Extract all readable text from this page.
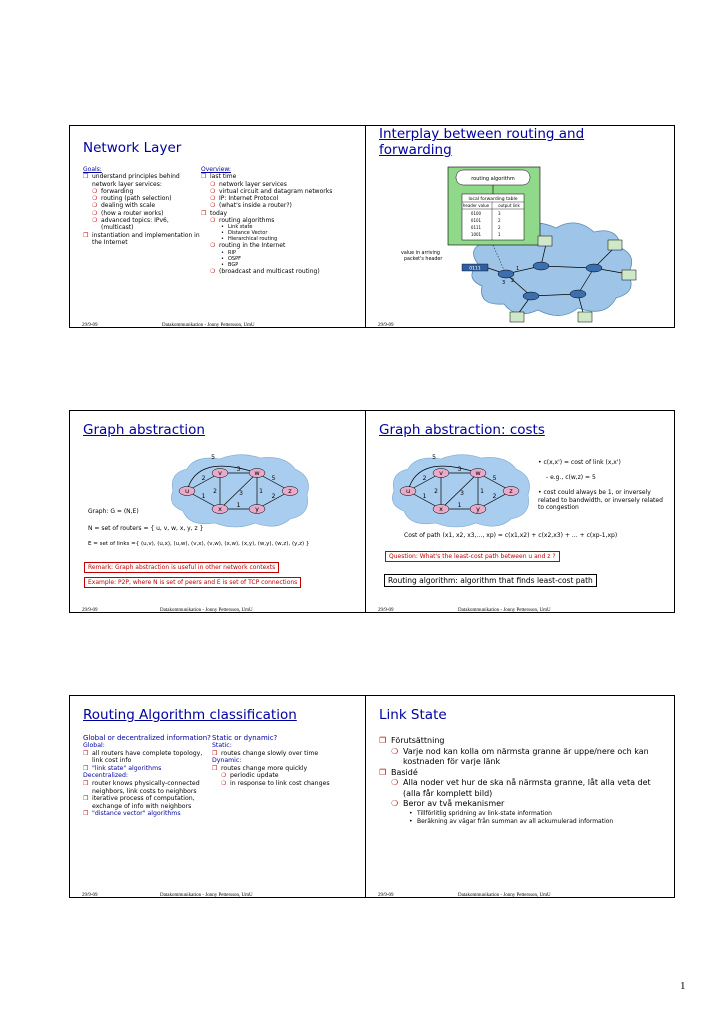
Network Layer
Goals:
❐ understand principles behind network layer services:
❍ forwarding
❍ routing (path selection)
❍ dealing with scale
❍ (how a router works)
❍ advanced topics: IPv6, (multicast)
❐ instantiation and implementation in the Internet
Overview:
❐ last time
❍ network layer services
❍ virtual circuit and datagram networks
❍ IP: Internet Protocol
❍ (what's inside a router?)
❐ today
❍ routing algorithms
• Link state
• Distance Vector
• Hierarchical routing
❍ routing in the Internet
• RIP
• OSPF
• BGP
❍ (broadcast and multicast routing)
29/9-09	Datakommunikation - Jonny Pettersson, UmU
Interplay between routing and
forwarding
routing algorithm
local forwarding table
header value output link
0100	3
0101	2
0111	2
1001	1
0111
value in arriving
packet's header
1
2
3
29/9-09
Graph abstraction
2
1
5
2
3
3
1
1
5
2
u
v	w
x	y
z
Graph: G = (N,E)
N = set of routers = { u, v, w, x, y, z }
E = set of links ={ (u,v), (u,x), (u,w), (v,x), (v,w), (x,w), (x,y), (w,y), (w,z), (y,z) }
Remark: Graph abstraction is useful in other network contexts
Example: P2P, where N is set of peers and E is set of TCP connections
29/9-09	Datakommunikation - Jonny Pettersson, UmU
Graph abstraction: costs
2
1
5
2
3
3
1
1
5
2
u
v	w
x	y
z
• c(x,x') = cost of link (x,x')
- e.g., c(w,z) = 5
• cost could always be 1, or inversely related to bandwidth, or inversely related to congestion
Cost of path (x1, x2, x3,…, xp) = c(x1,x2) + c(x2,x3) + … + c(xp-1,xp)
Question: What's the least-cost path between u and z ?
Routing algorithm: algorithm that finds least-cost path
29/9-09	Datakommunikation - Jonny Pettersson, UmU
Routing Algorithm classification
Global or decentralized information?
Global:
❐ all routers have complete topology, link cost info
❐ "link state" algorithms
Decentralized:
❐ router knows physically-connected neighbors, link costs to neighbors
❐ iterative process of computation, exchange of info with neighbors
❐ "distance vector" algorithms
Static or dynamic?
Static:
❐ routes change slowly over time
Dynamic:
❐ routes change more quickly
❍ periodic update
❍ in response to link cost changes
29/9-09	Datakommunikation - Jonny Pettersson, UmU
Link State
❐ Förutsättning
❍ Varje nod kan kolla om närmsta granne är uppe/nere och kan kostnaden för varje länk
❐ Basidé
❍ Alla noder vet hur de ska nå närmsta granne, låt alla veta det (alla får komplett bild)
❍ Beror av två mekanismer
• Tillförlitlig spridning av link-state information
• Beräkning av vägar från summan av all ackumulerad information
29/9-09	Datakommunikation - Jonny Pettersson, UmU
1
